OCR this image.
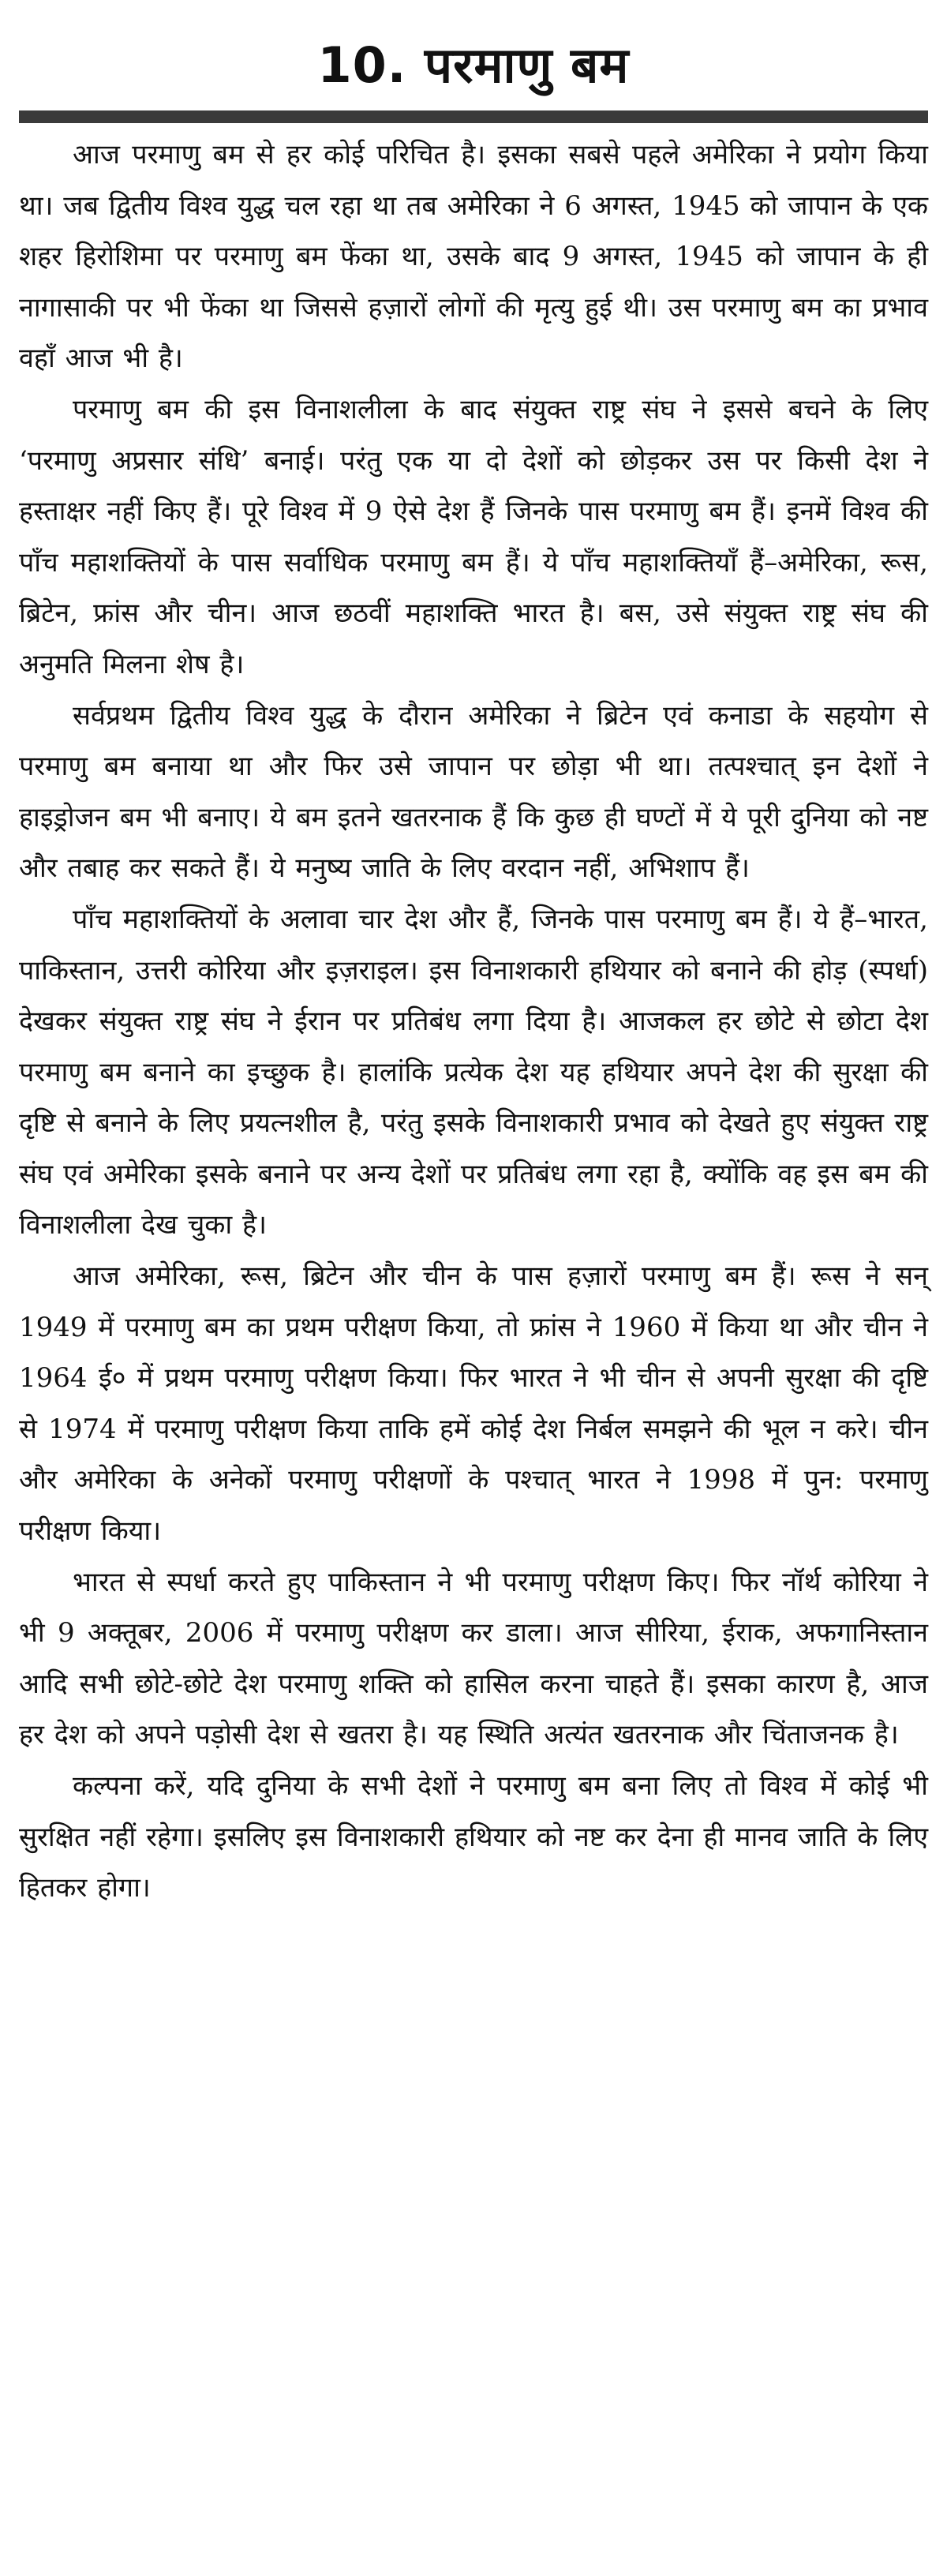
10. परमाणु बम

आज परमाणु बम से हर कोई परिचित है। इसका सबसे पहले अमेरिका ने प्रयोग किया था। जब द्वितीय विश्व युद्ध चल रहा था तब अमेरिका ने 6 अगस्त, 1945 को जापान के एक शहर हिरोशिमा पर परमाणु बम फेंका था, उसके बाद 9 अगस्त, 1945 को जापान के ही नागासाकी पर भी फेंका था जिससे हज़ारों लोगों की मृत्यु हुई थी। उस परमाणु बम का प्रभाव वहाँ आज भी है।

परमाणु बम की इस विनाशलीला के बाद संयुक्त राष्ट्र संघ ने इससे बचने के लिए ‘परमाणु अप्रसार संधि’ बनाई। परंतु एक या दो देशों को छोड़कर उस पर किसी देश ने हस्ताक्षर नहीं किए हैं। पूरे विश्व में 9 ऐसे देश हैं जिनके पास परमाणु बम हैं। इनमें विश्व की पाँच महाशक्तियों के पास सर्वाधिक परमाणु बम हैं। ये पाँच महाशक्तियाँ हैं–अमेरिका, रूस, ब्रिटेन, फ्रांस और चीन। आज छठवीं महाशक्ति भारत है। बस, उसे संयुक्त राष्ट्र संघ की अनुमति मिलना शेष है।

सर्वप्रथम द्वितीय विश्व युद्ध के दौरान अमेरिका ने ब्रिटेन एवं कनाडा के सहयोग से परमाणु बम बनाया था और फिर उसे जापान पर छोड़ा भी था। तत्पश्चात् इन देशों ने हाइड्रोजन बम भी बनाए। ये बम इतने खतरनाक हैं कि कुछ ही घण्टों में ये पूरी दुनिया को नष्ट और तबाह कर सकते हैं। ये मनुष्य जाति के लिए वरदान नहीं, अभिशाप हैं।

पाँच महाशक्तियों के अलावा चार देश और हैं, जिनके पास परमाणु बम हैं। ये हैं–भारत, पाकिस्तान, उत्तरी कोरिया और इज़राइल। इस विनाशकारी हथियार को बनाने की होड़ (स्पर्धा) देखकर संयुक्त राष्ट्र संघ ने ईरान पर प्रतिबंध लगा दिया है। आजकल हर छोटे से छोटा देश परमाणु बम बनाने का इच्छुक है। हालांकि प्रत्येक देश यह हथियार अपने देश की सुरक्षा की दृष्टि से बनाने के लिए प्रयत्नशील है, परंतु इसके विनाशकारी प्रभाव को देखते हुए संयुक्त राष्ट्र संघ एवं अमेरिका इसके बनाने पर अन्य देशों पर प्रतिबंध लगा रहा है, क्योंकि वह इस बम की विनाशलीला देख चुका है।

आज अमेरिका, रूस, ब्रिटेन और चीन के पास हज़ारों परमाणु बम हैं। रूस ने सन् 1949 में परमाणु बम का प्रथम परीक्षण किया, तो फ्रांस ने 1960 में किया था और चीन ने 1964 ई० में प्रथम परमाणु परीक्षण किया। फिर भारत ने भी चीन से अपनी सुरक्षा की दृष्टि से 1974 में परमाणु परीक्षण किया ताकि हमें कोई देश निर्बल समझने की भूल न करे। चीन और अमेरिका के अनेकों परमाणु परीक्षणों के पश्चात् भारत ने 1998 में पुन: परमाणु परीक्षण किया।

भारत से स्पर्धा करते हुए पाकिस्तान ने भी परमाणु परीक्षण किए। फिर नॉर्थ कोरिया ने भी 9 अक्तूबर, 2006 में परमाणु परीक्षण कर डाला। आज सीरिया, ईराक, अफगानिस्तान आदि सभी छोटे-छोटे देश परमाणु शक्ति को हासिल करना चाहते हैं। इसका कारण है, आज हर देश को अपने पड़ोसी देश से खतरा है। यह स्थिति अत्यंत खतरनाक और चिंताजनक है।

कल्पना करें, यदि दुनिया के सभी देशों ने परमाणु बम बना लिए तो विश्व में कोई भी सुरक्षित नहीं रहेगा। इसलिए इस विनाशकारी हथियार को नष्ट कर देना ही मानव जाति के लिए हितकर होगा।
